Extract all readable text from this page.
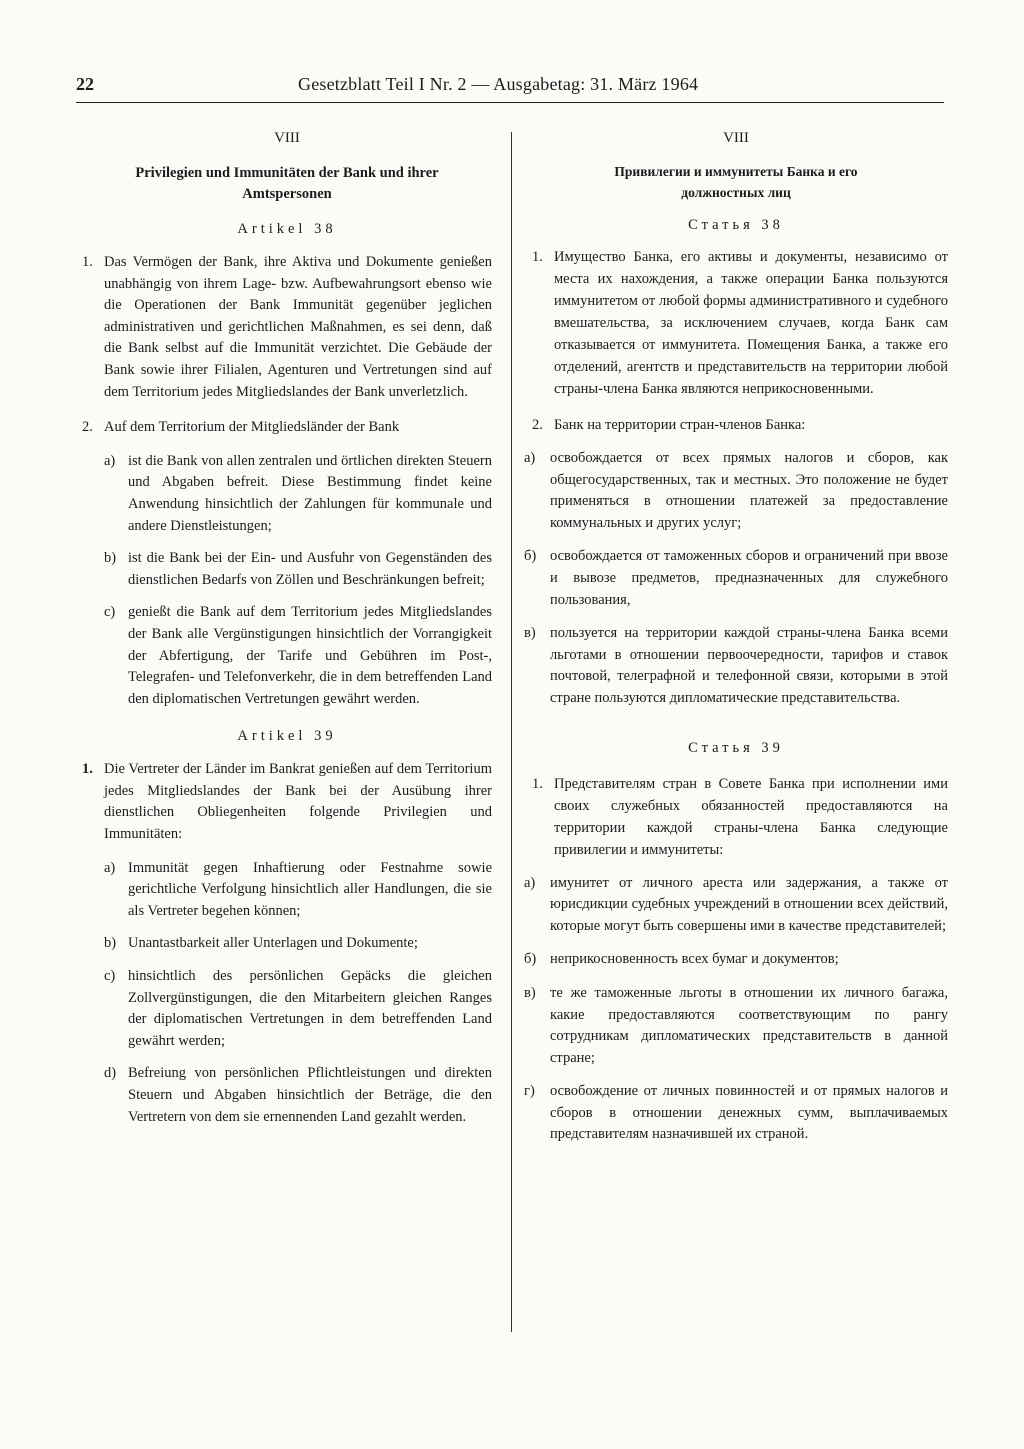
22	Gesetzblatt Teil I Nr. 2 — Ausgabetag: 31. März 1964

VIII

Privilegien und Immunitäten der Bank und ihrer

Amtspersonen

Artikel 38

1. Das Vermögen der Bank, ihre Aktiva und Dokumente genießen unabhängig von ihrem Lage- bzw. Aufbewahrungsort ebenso wie die Operationen der Bank Immunität gegenüber jeglichen administrativen und gerichtlichen Maßnahmen, es sei denn, daß die Bank selbst auf die Immunität verzichtet. Die Gebäude der Bank sowie ihrer Filialen, Agenturen und Vertretungen sind auf dem Territorium jedes Mitgliedslandes der Bank unverletzlich.

2. Auf dem Territorium der Mitgliedsländer der Bank

a) ist die Bank von allen zentralen und örtlichen direkten Steuern und Abgaben befreit. Diese Bestimmung findet keine Anwendung hinsichtlich der Zahlungen für kommunale und andere Dienstleistungen;

b) ist die Bank bei der Ein- und Ausfuhr von Gegenständen des dienstlichen Bedarfs von Zöllen und Beschränkungen befreit;

c) genießt die Bank auf dem Territorium jedes Mitgliedslandes der Bank alle Vergünstigungen hinsichtlich der Vorrangigkeit der Abfertigung, der Tarife und Gebühren im Post-, Telegrafen- und Telefonverkehr, die in dem betreffenden Land den diplomatischen Vertretungen gewährt werden.

Artikel 39

1. Die Vertreter der Länder im Bankrat genießen auf dem Territorium jedes Mitgliedslandes der Bank bei der Ausübung ihrer dienstlichen Obliegenheiten folgende Privilegien und Immunitäten:

a) Immunität gegen Inhaftierung oder Festnahme sowie gerichtliche Verfolgung hinsichtlich aller Handlungen, die sie als Vertreter begehen können;

b) Unantastbarkeit aller Unterlagen und Dokumente;

c) hinsichtlich des persönlichen Gepäcks die gleichen Zollvergünstigungen, die den Mitarbeitern gleichen Ranges der diplomatischen Vertretungen in dem betreffenden Land gewährt werden;

d) Befreiung von persönlichen Pflichtleistungen und direkten Steuern und Abgaben hinsichtlich der Beträge, die den Vertretern von dem sie ernennenden Land gezahlt werden.

VIII

Привилегии и иммунитеты Банка и его

должностных лиц

Статья 38

1. Имущество Банка, его активы и документы, независимо от места их нахождения, а также операции Банка пользуются иммунитетом от любой формы административного и судебного вмешательства, за исключением случаев, когда Банк сам отказывается от иммунитета. Помещения Банка, а также его отделений, агентств и представительств на территории любой страны-члена Банка являются неприкосновенными.

2. Банк на территории стран-членов Банка:

а) освобождается от всех прямых налогов и сборов, как общегосударственных, так и местных. Это положение не будет применяться в отношении платежей за предоставление коммунальных и других услуг;

б) освобождается от таможенных сборов и ограничений при ввозе и вывозе предметов, предназначенных для служебного пользования,

в) пользуется на территории каждой страны-члена Банка всеми льготами в отношении первоочередности, тарифов и ставок почтовой, телеграфной и телефонной связи, которыми в этой стране пользуются дипломатические представительства.

Статья 39

1. Представителям стран в Совете Банка при исполнении ими своих служебных обязанностей предоставляются на территории каждой страны-члена Банка следующие привилегии и иммунитеты:

а) имунитет от личного ареста или задержания, а также от юрисдикции судебных учреждений в отношении всех действий, которые могут быть совершены ими в качестве представителей;

б) неприкосновенность всех бумаг и документов;

в) те же таможенные льготы в отношении их личного багажа, какие предоставляются соответствующим по рангу сотрудникам дипломатических представительств в данной стране;

г) освобождение от личных повинностей и от прямых налогов и сборов в отношении денежных сумм, выплачиваемых представителям назначившей их страной.
